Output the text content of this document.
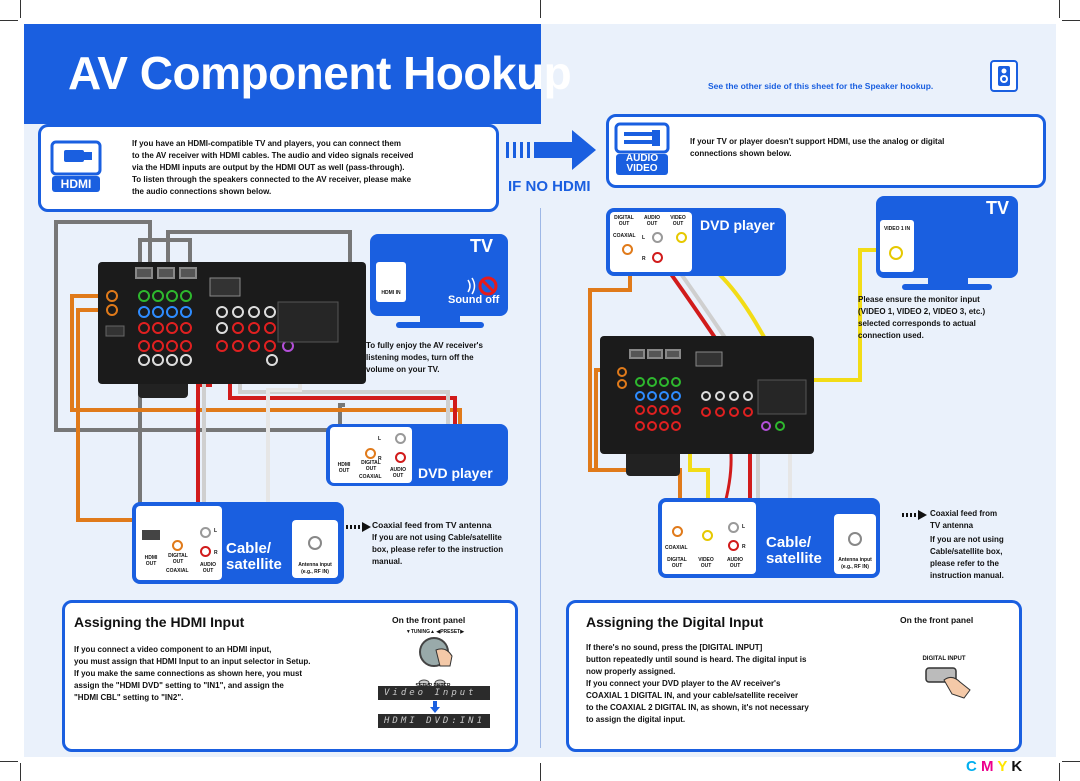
AV Component Hookup	See the other side of this sheet for the Speaker hookup.
HDMI
If you have an HDMI-compatible TV and players, you can connect them
to the AV receiver with HDMI cables. The audio and video signals received
via the HDMI inputs are output by the HDMI OUT as well (pass-through).
To listen through the speakers connected to the AV receiver, please make
the audio connections shown below.	IF NO HDMI
AUDIO
VIDEO
If your TV or player doesn't support HDMI, use the analog or digital
connections shown below.
TV
HDMI IN
Sound off
To fully enjoy the AV receiver's
listening modes, turn off the
volume on your TV.
DVD player
HDMI OUT
DIGITAL OUT
COAXIAL
AUDIO OUT
L
R
Cable/
satellite
HDMI OUT
DIGITAL OUT
COAXIAL
AUDIO OUT
L
R
Antenna input
(e.g., RF IN)
Coaxial feed from TV antenna
If you are not using Cable/satellite
box, please refer to the instruction
manual.
Assigning the HDMI Input	On the front panel
If you connect a video component to an HDMI input,
you must assign that HDMI Input to an input selector in Setup.
If you make the same connections as shown here, you must
assign the "HDMI DVD" setting to "IN1", and assign the
"HDMI CBL" setting to "IN2".
▼TUNING▲ ◀PRESET▶
Video Input
HDMI DVD:IN1
DVD player
DIGITAL OUT
AUDIO OUT
VIDEO OUT
COAXIAL L
R
TV
VIDEO 1 IN
Please ensure the monitor input
(VIDEO 1, VIDEO 2, VIDEO 3, etc.)
selected corresponds to actual
connection used.
Cable/
satellite
COAXIAL
DIGITAL OUT
VIDEO OUT
AUDIO OUT
L
R
Antenna input
(e.g., RF IN)
Coaxial feed from
TV antenna
If you are not using
Cable/satellite box,
please refer to the
instruction manual.
Assigning the Digital Input	On the front panel
If there's no sound, press the [DIGITAL INPUT]
button repeatedly until sound is heard. The digital input is
now properly assigned.
If you connect your DVD player to the AV receiver's
COAXIAL 1 DIGITAL IN, and your cable/satellite receiver
to the COAXIAL 2 DIGITAL IN, as shown, it's not necessary
to assign the digital input.
DIGITAL INPUT
C M Y K
